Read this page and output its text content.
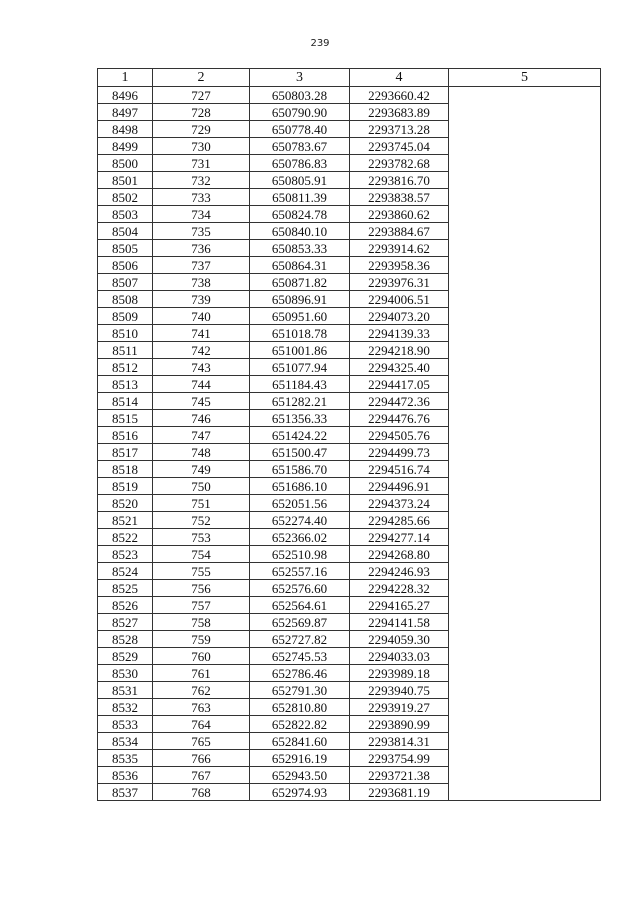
239
1	2	3	4	5
8496	727	650803.28	2293660.42	
8497	728	650790.90	2293683.89	
8498	729	650778.40	2293713.28	
8499	730	650783.67	2293745.04	
8500	731	650786.83	2293782.68	
8501	732	650805.91	2293816.70	
8502	733	650811.39	2293838.57	
8503	734	650824.78	2293860.62	
8504	735	650840.10	2293884.67	
8505	736	650853.33	2293914.62	
8506	737	650864.31	2293958.36	
8507	738	650871.82	2293976.31	
8508	739	650896.91	2294006.51	
8509	740	650951.60	2294073.20	
8510	741	651018.78	2294139.33	
8511	742	651001.86	2294218.90	
8512	743	651077.94	2294325.40	
8513	744	651184.43	2294417.05	
8514	745	651282.21	2294472.36	
8515	746	651356.33	2294476.76	
8516	747	651424.22	2294505.76	
8517	748	651500.47	2294499.73	
8518	749	651586.70	2294516.74	
8519	750	651686.10	2294496.91	
8520	751	652051.56	2294373.24	
8521	752	652274.40	2294285.66	
8522	753	652366.02	2294277.14	
8523	754	652510.98	2294268.80	
8524	755	652557.16	2294246.93	
8525	756	652576.60	2294228.32	
8526	757	652564.61	2294165.27	
8527	758	652569.87	2294141.58	
8528	759	652727.82	2294059.30	
8529	760	652745.53	2294033.03	
8530	761	652786.46	2293989.18	
8531	762	652791.30	2293940.75	
8532	763	652810.80	2293919.27	
8533	764	652822.82	2293890.99	
8534	765	652841.60	2293814.31	
8535	766	652916.19	2293754.99	
8536	767	652943.50	2293721.38	
8537	768	652974.93	2293681.19	
